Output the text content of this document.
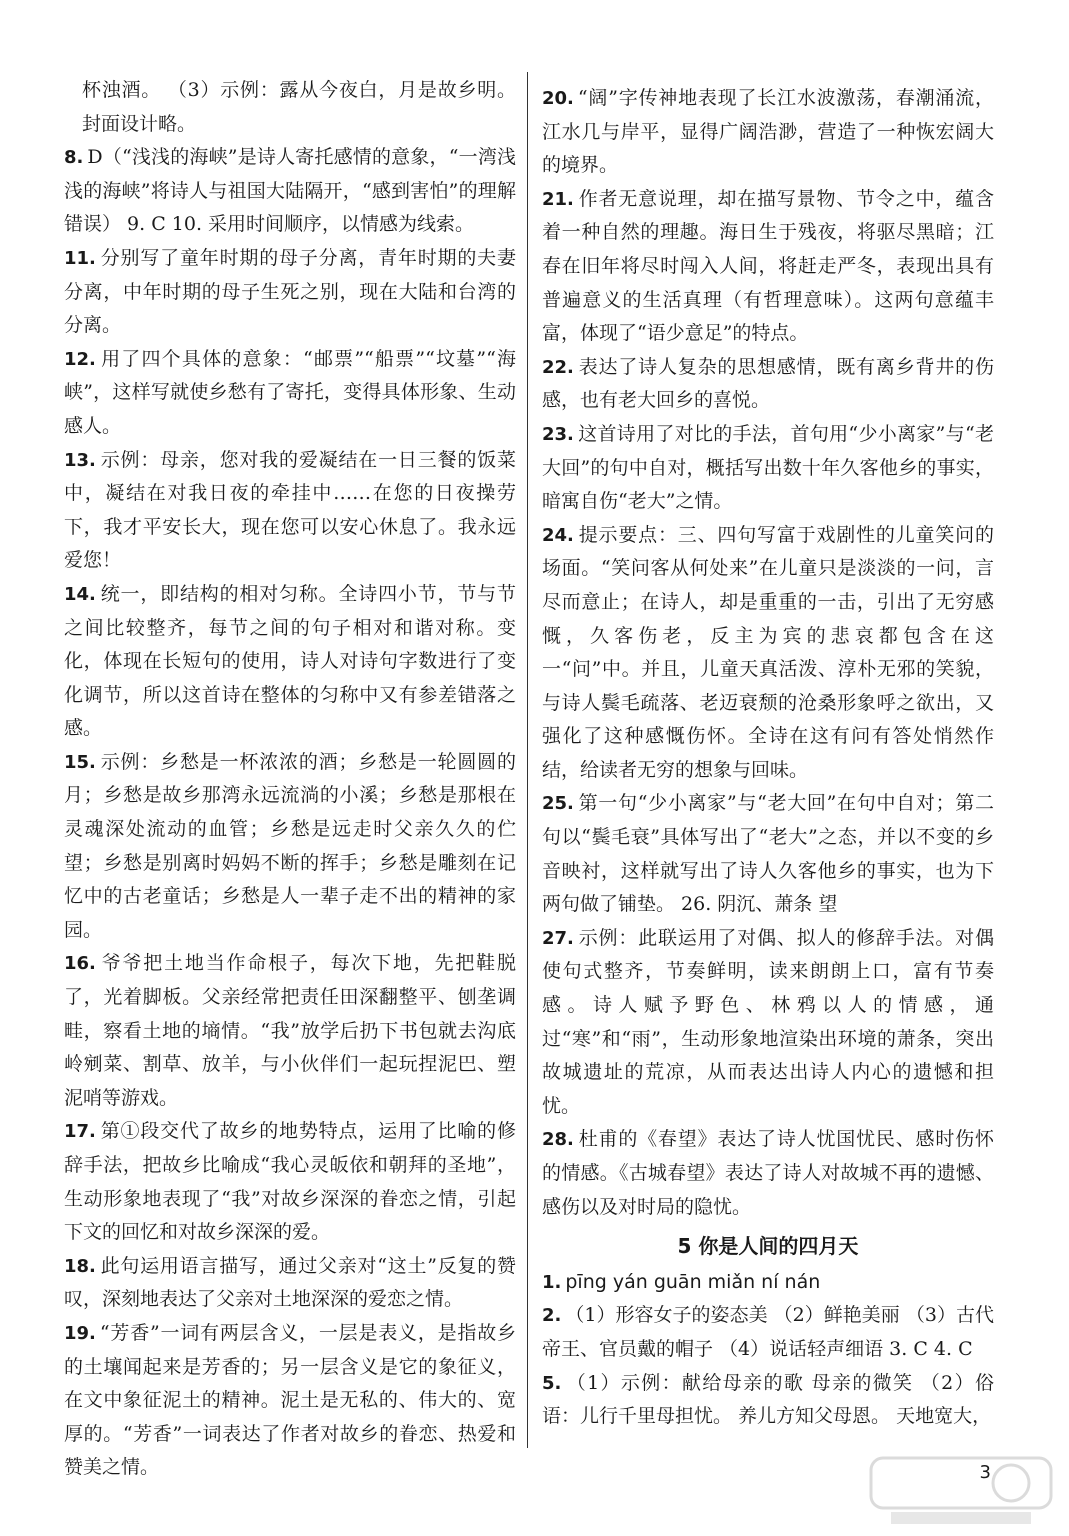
杯浊酒。 （3）示例：露从今夜白，月是故乡明。封面设计略。

8. D（“浅浅的海峡”是诗人寄托感情的意象，“一湾浅浅的海峡”将诗人与祖国大陆隔开，“感到害怕”的理解错误） 9. C 10. 采用时间顺序，以情感为线索。

11. 分别写了童年时期的母子分离，青年时期的夫妻分离，中年时期的母子生死之别，现在大陆和台湾的分离。

12. 用了四个具体的意象：“邮票”“船票”“坟墓”“海峡”，这样写就使乡愁有了寄托，变得具体形象、生动感人。

13. 示例：母亲，您对我的爱凝结在一日三餐的饭菜中，凝结在对我日夜的牵挂中……在您的日夜操劳下，我才平安长大，现在您可以安心休息了。我永远爱您！

14. 统一，即结构的相对匀称。全诗四小节，节与节之间比较整齐，每节之间的句子相对和谐对称。变化，体现在长短句的使用，诗人对诗句字数进行了变化调节，所以这首诗在整体的匀称中又有参差错落之感。

15. 示例：乡愁是一杯浓浓的酒；乡愁是一轮圆圆的月；乡愁是故乡那湾永远流淌的小溪；乡愁是那根在灵魂深处流动的血管；乡愁是远走时父亲久久的伫望；乡愁是别离时妈妈不断的挥手；乡愁是雕刻在记忆中的古老童话；乡愁是人一辈子走不出的精神的家园。

16. 爷爷把土地当作命根子，每次下地，先把鞋脱了，光着脚板。父亲经常把责任田深翻整平、刨垄调畦，察看土地的墒情。“我”放学后扔下书包就去沟底岭剜菜、割草、放羊，与小伙伴们一起玩捏泥巴、塑泥哨等游戏。

17. 第①段交代了故乡的地势特点，运用了比喻的修辞手法，把故乡比喻成“我心灵皈依和朝拜的圣地”，生动形象地表现了“我”对故乡深深的眷恋之情，引起下文的回忆和对故乡深深的爱。

18. 此句运用语言描写，通过父亲对“这土”反复的赞叹，深刻地表达了父亲对土地深深的爱恋之情。

19. “芳香”一词有两层含义，一层是表义，是指故乡的土壤闻起来是芳香的；另一层含义是它的象征义，在文中象征泥土的精神。泥土是无私的、伟大的、宽厚的。“芳香”一词表达了作者对故乡的眷恋、热爱和赞美之情。

20. “阔”字传神地表现了长江水波激荡，春潮涌流，江水几与岸平，显得广阔浩渺，营造了一种恢宏阔大的境界。

21. 作者无意说理，却在描写景物、节令之中，蕴含着一种自然的理趣。海日生于残夜，将驱尽黑暗；江春在旧年将尽时闯入人间，将赶走严冬，表现出具有普遍意义的生活真理（有哲理意味）。这两句意蕴丰富，体现了“语少意足”的特点。

22. 表达了诗人复杂的思想感情，既有离乡背井的伤感，也有老大回乡的喜悦。

23. 这首诗用了对比的手法，首句用“少小离家”与“老大回”的句中自对，概括写出数十年久客他乡的事实，暗寓自伤“老大”之情。

24. 提示要点：三、四句写富于戏剧性的儿童笑问的场面。“笑问客从何处来”在儿童只是淡淡的一问，言尽而意止；在诗人，却是重重的一击，引出了无穷感慨，久客伤老，反主为宾的悲哀都包含在这一“问”中。并且，儿童天真活泼、淳朴无邪的笑貌，与诗人鬓毛疏落、老迈衰颓的沧桑形象呼之欲出，又强化了这种感慨伤怀。全诗在这有问有答处悄然作结，给读者无穷的想象与回味。

25. 第一句“少小离家”与“老大回”在句中自对；第二句以“鬓毛衰”具体写出了“老大”之态，并以不变的乡音映衬，这样就写出了诗人久客他乡的事实，也为下两句做了铺垫。 26. 阴沉、萧条 望

27. 示例：此联运用了对偶、拟人的修辞手法。对偶使句式整齐，节奏鲜明，读来朗朗上口，富有节奏感。诗人赋予野色、林鸦以人的情感，通过“寒”和“雨”，生动形象地渲染出环境的萧条，突出故城遗址的荒凉，从而表达出诗人内心的遗憾和担忧。

28. 杜甫的《春望》表达了诗人忧国忧民、感时伤怀的情感。《古城春望》表达了诗人对故城不再的遗憾、感伤以及对时局的隐忧。

5 你是人间的四月天

1. pīng yán guān miǎn ní nán

2. （1）形容女子的姿态美 （2）鲜艳美丽 （3）古代帝王、官员戴的帽子 （4）说话轻声细语 3. C 4. C

5. （1）示例：献给母亲的歌 母亲的微笑 （2）俗语：儿行千里母担忧。 养儿方知父母恩。 天地宽大，

3
